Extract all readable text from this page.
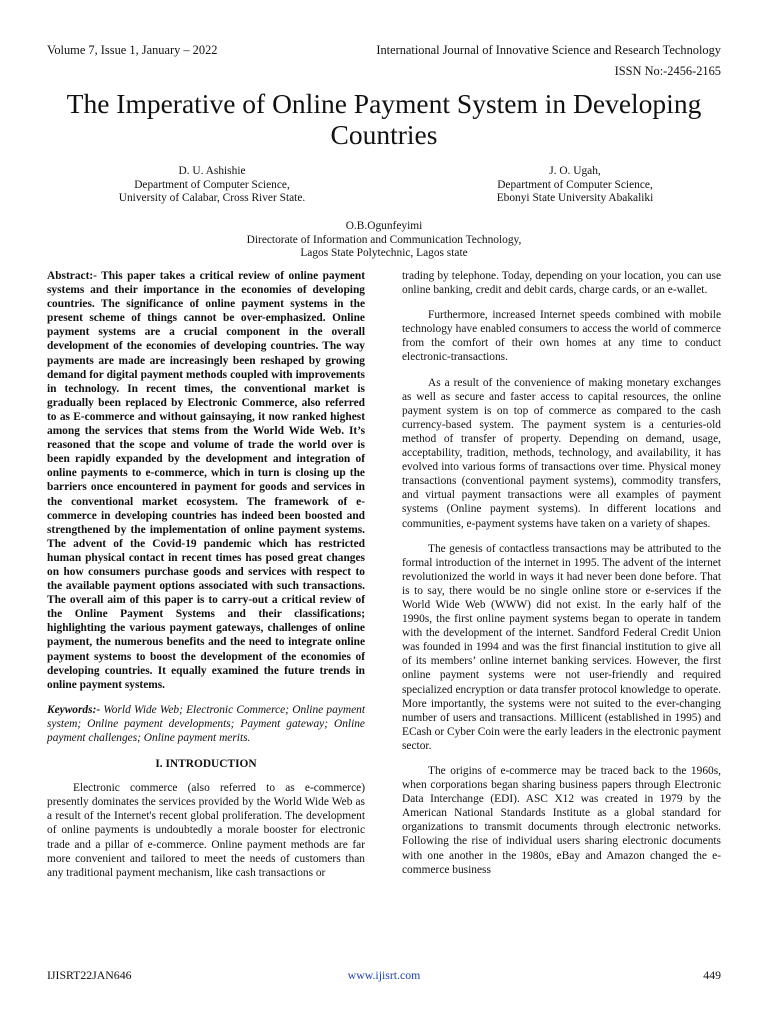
Volume 7, Issue 1, January – 2022	International Journal of Innovative Science and Research Technology
ISSN No:-2456-2165
The Imperative of Online Payment System in Developing Countries
D. U. Ashishie
Department of Computer Science,
University of Calabar, Cross River State.
J. O. Ugah,
Department of Computer Science,
Ebonyi State University Abakaliki
O.B.Ogunfeyimi
Directorate of Information and Communication Technology,
Lagos State Polytechnic, Lagos state

Abstract:- This paper takes a critical review of online payment systems and their importance in the economies of developing countries. The significance of online payment systems in the present scheme of things cannot be over-emphasized. Online payment systems are a crucial component in the overall development of the economies of developing countries. The way payments are made are increasingly been reshaped by growing demand for digital payment methods coupled with improvements in technology. In recent times, the conventional market is gradually been replaced by Electronic Commerce, also referred to as E-commerce and without gainsaying, it now ranked highest among the services that stems from the World Wide Web. It’s reasoned that the scope and volume of trade the world over is been rapidly expanded by the development and integration of online payments to e-commerce, which in turn is closing up the barriers once encountered in payment for goods and services in the conventional market ecosystem. The framework of e-commerce in developing countries has indeed been boosted and strengthened by the implementation of online payment systems. The advent of the Covid-19 pandemic which has restricted human physical contact in recent times has posed great changes on how consumers purchase goods and services with respect to the available payment options associated with such transactions. The overall aim of this paper is to carry-out a critical review of the Online Payment Systems and their classifications; highlighting the various payment gateways, challenges of online payment, the numerous benefits and the need to integrate online payment systems to boost the development of the economies of developing countries. It equally examined the future trends in online payment systems.

Keywords:- World Wide Web; Electronic Commerce; Online payment system; Online payment developments; Payment gateway; Online payment challenges; Online payment merits.

I. INTRODUCTION

Electronic commerce (also referred to as e-commerce) presently dominates the services provided by the World Wide Web as a result of the Internet's recent global proliferation. The development of online payments is undoubtedly a morale booster for electronic trade and a pillar of e-commerce. Online payment methods are far more convenient and tailored to meet the needs of customers than any traditional payment mechanism, like cash transactions or

trading by telephone. Today, depending on your location, you can use online banking, credit and debit cards, charge cards, or an e-wallet.

Furthermore, increased Internet speeds combined with mobile technology have enabled consumers to access the world of commerce from the comfort of their own homes at any time to conduct electronic-transactions.

As a result of the convenience of making monetary exchanges as well as secure and faster access to capital resources, the online payment system is on top of commerce as compared to the cash currency-based system. The payment system is a centuries-old method of transfer of property. Depending on demand, usage, acceptability, tradition, methods, technology, and availability, it has evolved into various forms of transactions over time. Physical money transactions (conventional payment systems), commodity transfers, and virtual payment transactions were all examples of payment systems (Online payment systems). In different locations and communities, e-payment systems have taken on a variety of shapes.

The genesis of contactless transactions may be attributed to the formal introduction of the internet in 1995. The advent of the internet revolutionized the world in ways it had never been done before. That is to say, there would be no single online store or e-services if the World Wide Web (WWW) did not exist. In the early half of the 1990s, the first online payment systems began to operate in tandem with the development of the internet. Sandford Federal Credit Union was founded in 1994 and was the first financial institution to give all of its members’ online internet banking services. However, the first online payment systems were not user-friendly and required specialized encryption or data transfer protocol knowledge to operate. More importantly, the systems were not suited to the ever-changing number of users and transactions. Millicent (established in 1995) and ECash or Cyber Coin were the early leaders in the electronic payment sector.

The origins of e-commerce may be traced back to the 1960s, when corporations began sharing business papers through Electronic Data Interchange (EDI). ASC X12 was created in 1979 by the American National Standards Institute as a global standard for organizations to transmit documents through electronic networks. Following the rise of individual users sharing electronic documents with one another in the 1980s, eBay and Amazon changed the e-commerce business

IJISRT22JAN646	www.ijisrt.com	449
